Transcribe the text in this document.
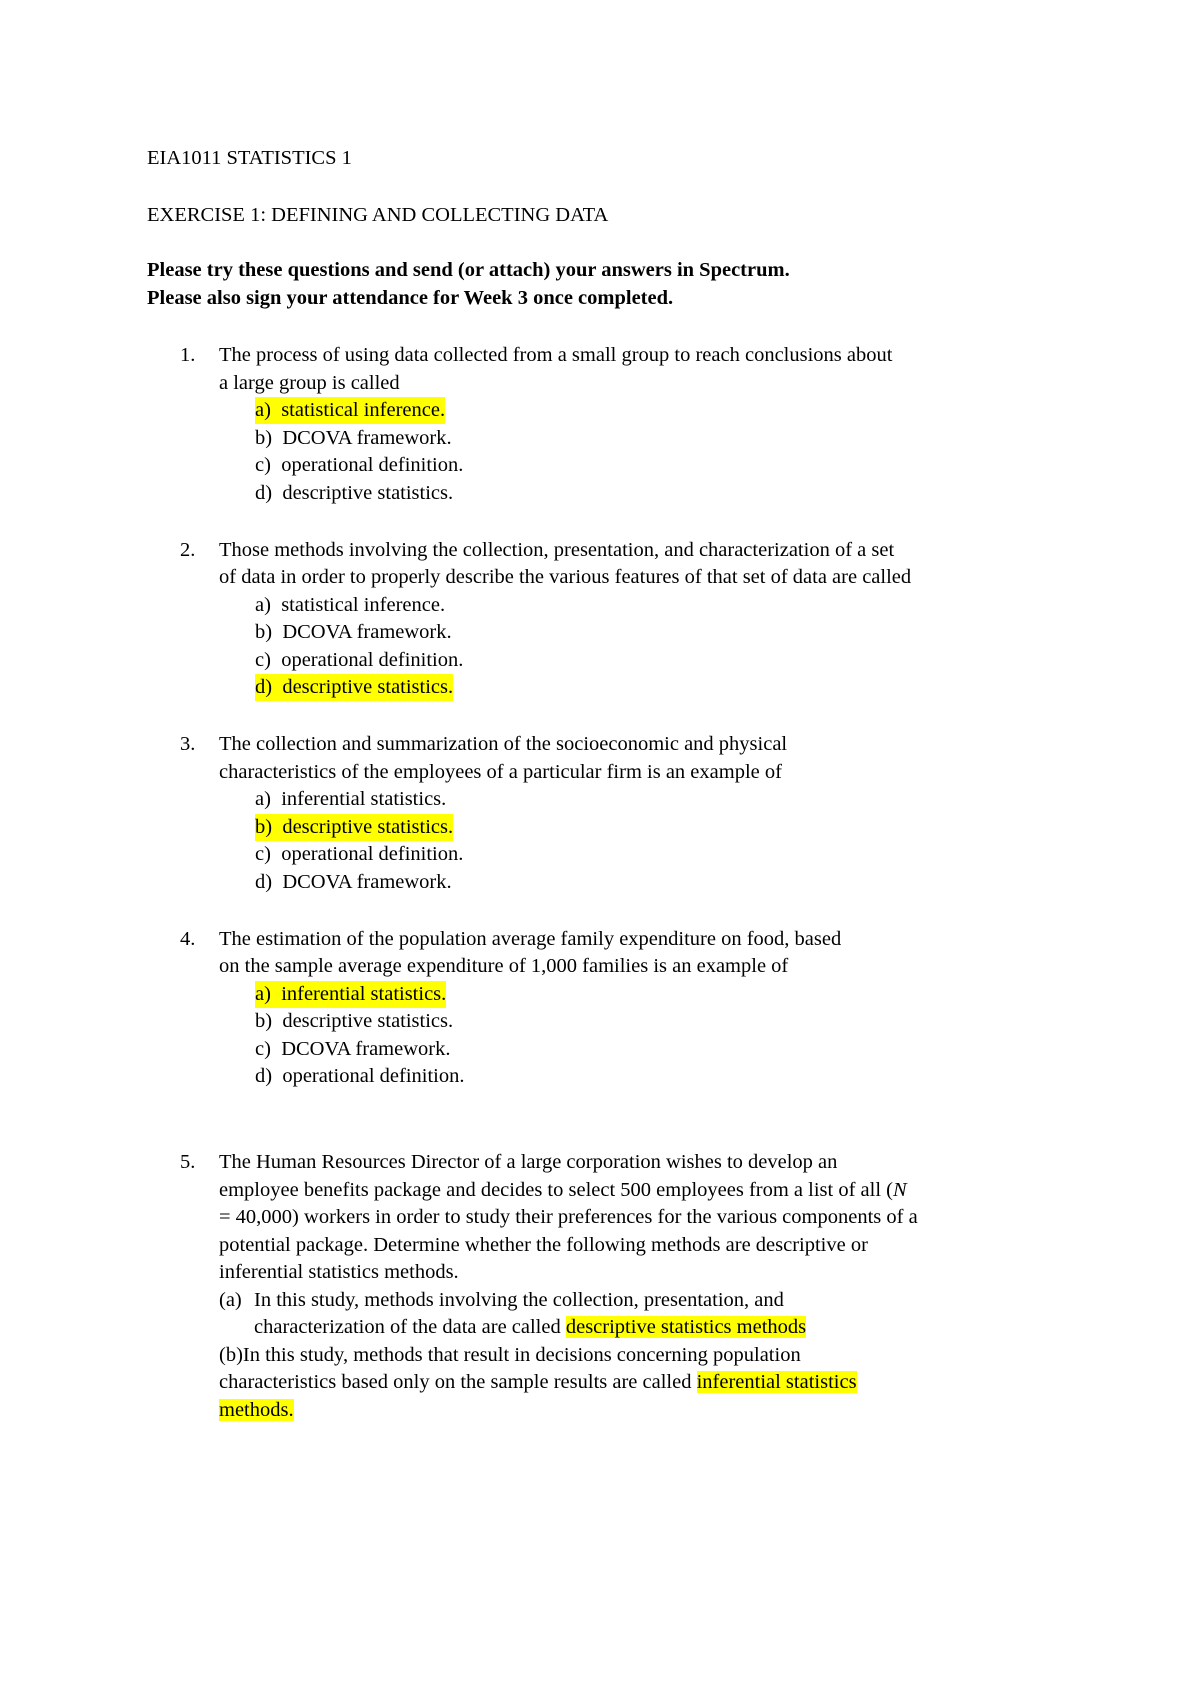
EIA1011 STATISTICS 1
EXERCISE 1: DEFINING AND COLLECTING DATA
Please try these questions and send (or attach) your answers in Spectrum.
Please also sign your attendance for Week 3 once completed.
1. The process of using data collected from a small group to reach conclusions about
a large group is called
a) statistical inference.
b) DCOVA framework.
c) operational definition.
d) descriptive statistics.
2. Those methods involving the collection, presentation, and characterization of a set
of data in order to properly describe the various features of that set of data are called
a) statistical inference.
b) DCOVA framework.
c) operational definition.
d) descriptive statistics.
3. The collection and summarization of the socioeconomic and physical
characteristics of the employees of a particular firm is an example of
a) inferential statistics.
b) descriptive statistics.
c) operational definition.
d) DCOVA framework.
4. The estimation of the population average family expenditure on food, based
on the sample average expenditure of 1,000 families is an example of
a) inferential statistics.
b) descriptive statistics.
c) DCOVA framework.
d) operational definition.
5. The Human Resources Director of a large corporation wishes to develop an
employee benefits package and decides to select 500 employees from a list of all (N
= 40,000) workers in order to study their preferences for the various components of a
potential package. Determine whether the following methods are descriptive or
inferential statistics methods.
(a) In this study, methods involving the collection, presentation, and
characterization of the data are called descriptive statistics methods
(b)In this study, methods that result in decisions concerning population
characteristics based only on the sample results are called inferential statistics
methods.
